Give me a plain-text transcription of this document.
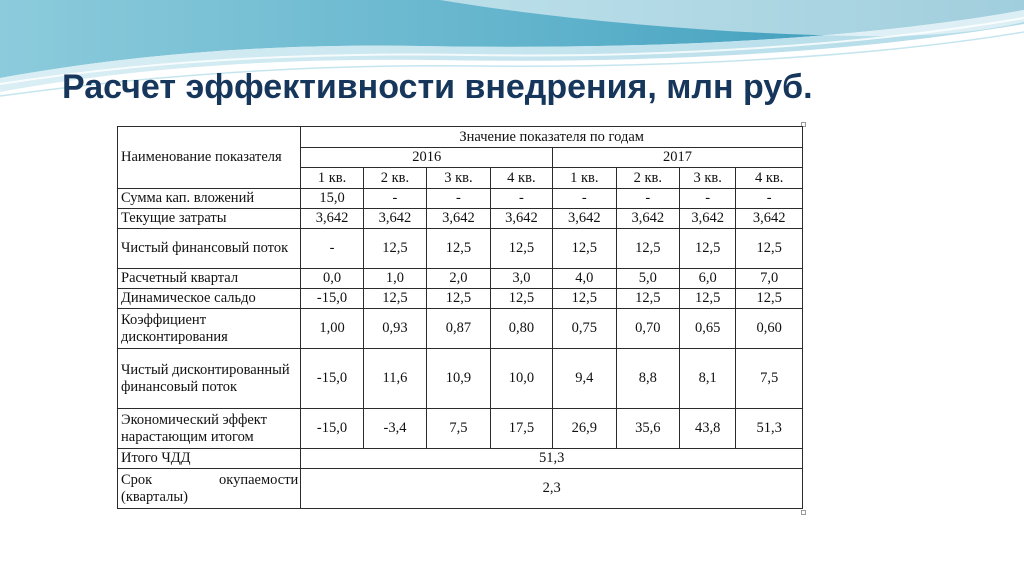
Расчет эффективности внедрения, млн руб.
Наименование показателя	Значение показателя по годам							
	2016				2017			
	1 кв.	2 кв.	3 кв.	4 кв.	1 кв.	2 кв.	3 кв.	4 кв.
Сумма кап. вложений	15,0	-	-	-	-	-	-	-
Текущие затраты	3,642	3,642	3,642	3,642	3,642	3,642	3,642	3,642
Чистый финансовый поток	-	12,5	12,5	12,5	12,5	12,5	12,5	12,5
Расчетный квартал	0,0	1,0	2,0	3,0	4,0	5,0	6,0	7,0
Динамическое сальдо	-15,0	12,5	12,5	12,5	12,5	12,5	12,5	12,5
Коэффициент дисконтирования	1,00	0,93	0,87	0,80	0,75	0,70	0,65	0,60
Чистый дисконтированный финансовый поток	-15,0	11,6	10,9	10,0	9,4	8,8	8,1	7,5
Экономический эффект нарастающим итогом	-15,0	-3,4	7,5	17,5	26,9	35,6	43,8	51,3
Итого ЧДД	51,3							
Срок окупаемости (кварталы)	2,3							
